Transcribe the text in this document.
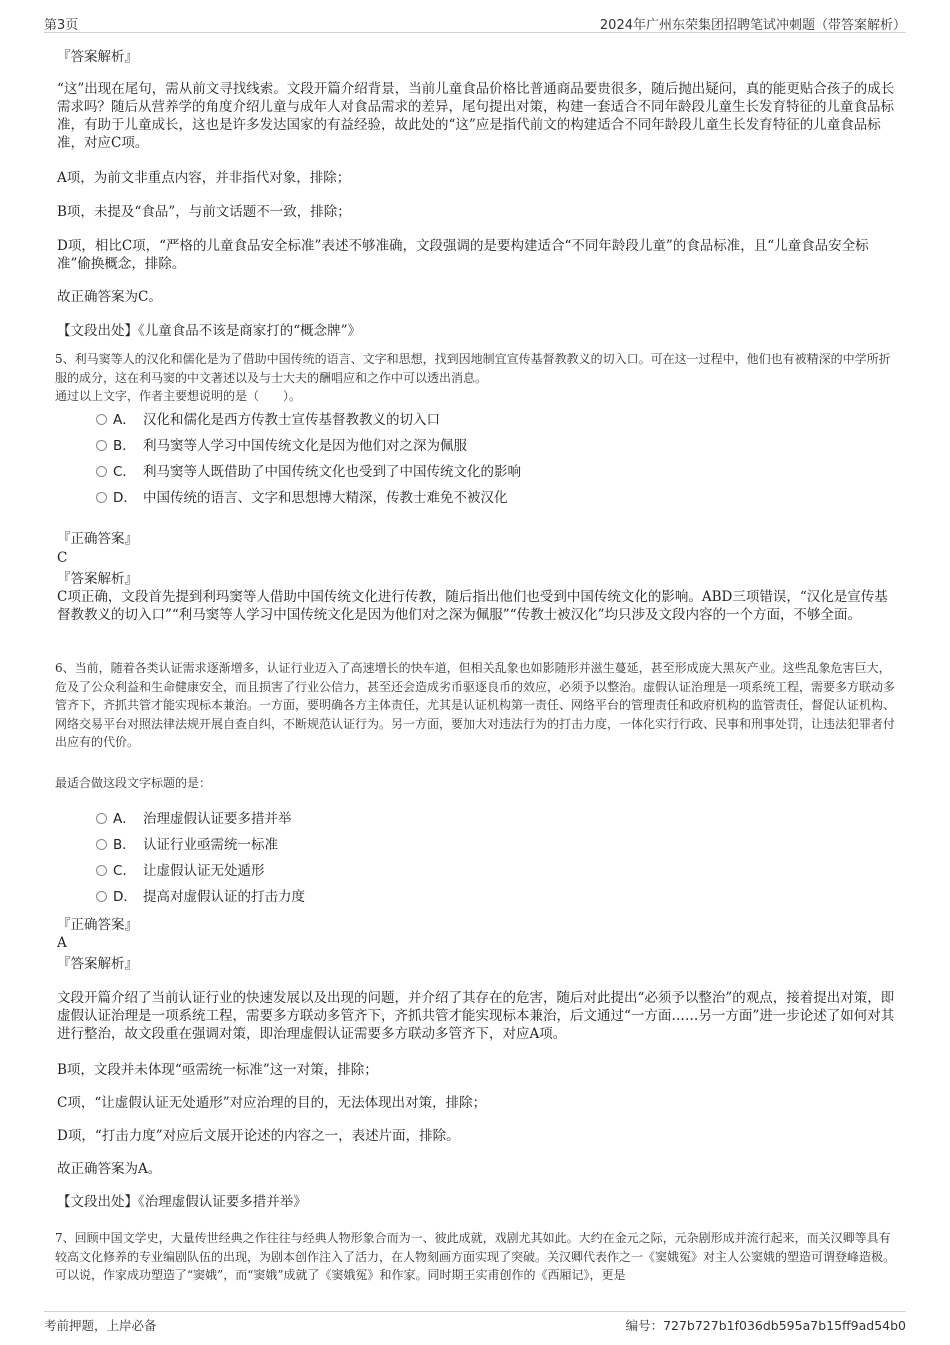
第3页	2024年广州东荣集团招聘笔试冲刺题（带答案解析）
『答案解析』
“这”出现在尾句，需从前文寻找线索。文段开篇介绍背景，当前儿童食品价格比普通商品要贵很多，随后抛出疑问，真的能更贴合孩子的成长需求吗？随后从营养学的角度介绍儿童与成年人对食品需求的差异，尾句提出对策，构建一套适合不同年龄段儿童生长发育特征的儿童食品标准，有助于儿童成长，这也是许多发达国家的有益经验，故此处的“这”应是指代前文的构建适合不同年龄段儿童生长发育特征的儿童食品标准，对应C项。
A项，为前文非重点内容，并非指代对象，排除；
B项，未提及“食品”，与前文话题不一致，排除；
D项，相比C项，“严格的儿童食品安全标准”表述不够准确，文段强调的是要构建适合“不同年龄段儿童”的食品标准，且“儿童食品安全标准”偷换概念，排除。
故正确答案为C。
【文段出处】《儿童食品不该是商家打的“概念牌”》
5、利马窦等人的汉化和儒化是为了借助中国传统的语言、文字和思想，找到因地制宜宣传基督教教义的切入口。可在这一过程中，他们也有被精深的中学所折服的成分，这在利马窦的中文著述以及与士大夫的酬唱应和之作中可以透出消息。
通过以上文字，作者主要想说明的是（　　）。
A． 汉化和儒化是西方传教士宣传基督教教义的切入口
B． 利马窦等人学习中国传统文化是因为他们对之深为佩服
C． 利马窦等人既借助了中国传统文化也受到了中国传统文化的影响
D． 中国传统的语言、文字和思想博大精深，传教士难免不被汉化
『正确答案』
C
『答案解析』
C项正确，文段首先提到利玛窦等人借助中国传统文化进行传教，随后指出他们也受到中国传统文化的影响。ABD三项错误，“汉化是宣传基督教教义的切入口”“利马窦等人学习中国传统文化是因为他们对之深为佩服”“传教士被汉化”均只涉及文段内容的一个方面，不够全面。
6、当前，随着各类认证需求逐渐增多，认证行业迈入了高速增长的快车道，但相关乱象也如影随形并滋生蔓延，甚至形成庞大黑灰产业。这些乱象危害巨大，危及了公众利益和生命健康安全，而且损害了行业公信力，甚至还会造成劣币驱逐良币的效应，必须予以整治。虚假认证治理是一项系统工程，需要多方联动多管齐下，齐抓共管才能实现标本兼治。一方面，要明确各方主体责任，尤其是认证机构第一责任、网络平台的管理责任和政府机构的监管责任，督促认证机构、网络交易平台对照法律法规开展自查自纠，不断规范认证行为。另一方面，要加大对违法行为的打击力度，一体化实行行政、民事和刑事处罚，让违法犯罪者付出应有的代价。
最适合做这段文字标题的是：
A． 治理虚假认证要多措并举
B． 认证行业亟需统一标准
C． 让虚假认证无处遁形
D． 提高对虚假认证的打击力度
『正确答案』
A
『答案解析』
文段开篇介绍了当前认证行业的快速发展以及出现的问题，并介绍了其存在的危害，随后对此提出“必须予以整治”的观点，接着提出对策，即虚假认证治理是一项系统工程，需要多方联动多管齐下，齐抓共管才能实现标本兼治，后文通过“一方面……另一方面”进一步论述了如何对其进行整治，故文段重在强调对策，即治理虚假认证需要多方联动多管齐下，对应A项。
B项，文段并未体现“亟需统一标准”这一对策，排除；
C项，“让虚假认证无处遁形”对应治理的目的，无法体现出对策，排除；
D项，“打击力度”对应后文展开论述的内容之一，表述片面，排除。
故正确答案为A。
【文段出处】《治理虚假认证要多措并举》
7、回顾中国文学史，大量传世经典之作往往与经典人物形象合而为一、彼此成就，戏剧尤其如此。大约在金元之际，元杂剧形成并流行起来，而关汉卿等具有较高文化修养的专业编剧队伍的出现，为剧本创作注入了活力，在人物刻画方面实现了突破。关汉卿代表作之一《窦娥冤》对主人公窦娥的塑造可谓登峰造极。可以说，作家成功塑造了“窦娥”，而“窦娥”成就了《窦娥冤》和作家。同时期王实甫创作的《西厢记》，更是
考前押题，上岸必备	编号：727b727b1f036db595a7b15ff9ad54b0
